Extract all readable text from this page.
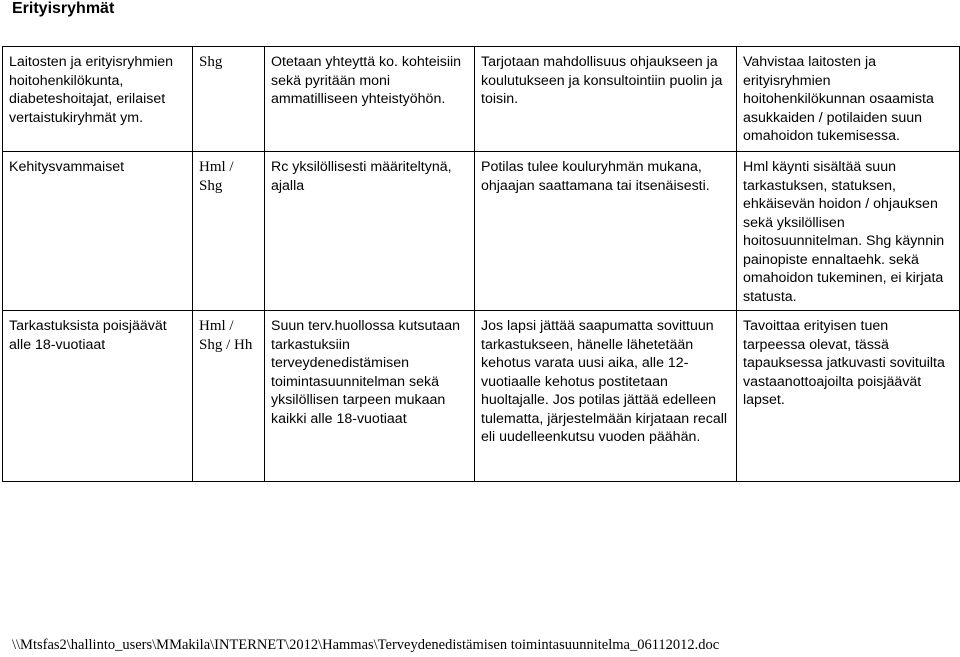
Erityisryhmät
Laitosten ja erityisryhmien hoitohenkilökunta, diabeteshoitajat, erilaiset vertaistukiryhmät ym.	Shg	Otetaan yhteyttä ko. kohteisiin sekä pyritään moni ammatilliseen yhteistyöhön.	Tarjotaan mahdollisuus ohjaukseen ja koulutukseen ja konsultointiin puolin ja toisin.	Vahvistaa laitosten ja erityisryhmien hoitohenkilökunnan osaamista asukkaiden / potilaiden suun omahoidon tukemisessa.
Kehitysvammaiset	Hml / Shg	Rc yksilöllisesti määriteltynä, ajalla	Potilas tulee kouluryhmän mukana, ohjaajan saattamana tai itsenäisesti.	Hml käynti sisältää suun tarkastuksen, statuksen, ehkäisevän hoidon / ohjauksen sekä yksilöllisen hoitosuunnitelman. Shg käynnin painopiste ennaltaehk. sekä omahoidon tukeminen, ei kirjata statusta.
Tarkastuksista poisjäävät alle 18-vuotiaat	Hml / Shg / Hh	Suun terv.huollossa kutsutaan tarkastuksiin terveydenedistämisen toimintasuunnitelman sekä yksilöllisen tarpeen mukaan kaikki alle 18-vuotiaat	Jos lapsi jättää saapumatta sovittuun tarkastukseen, hänelle lähetetään kehotus varata uusi aika, alle 12-vuotiaalle kehotus postitetaan huoltajalle. Jos potilas jättää edelleen tulematta, järjestelmään kirjataan recall eli uudelleenkutsu vuoden päähän.	Tavoittaa erityisen tuen tarpeessa olevat, tässä tapauksessa jatkuvasti sovituilta vastaanottoajoilta poisjäävät lapset.
\\Mtsfas2\hallinto_users\MMakila\INTERNET\2012\Hammas\Terveydenedistämisen toimintasuunnitelma_06112012.doc
